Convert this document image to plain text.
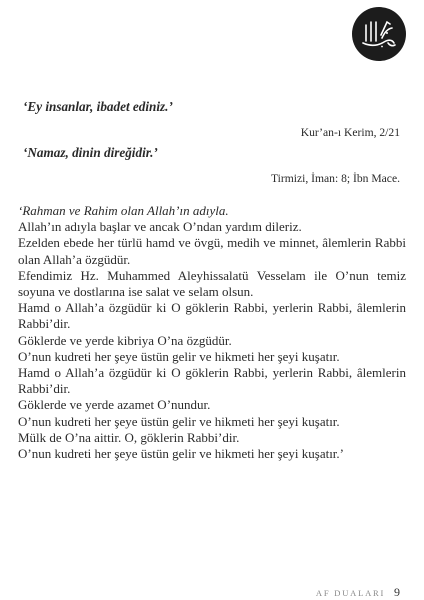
‘Ey insanlar, ibadet ediniz.’
Kur’an-ı Kerim, 2/21
‘Namaz, dinin direğidir.’
Tirmizi, İman: 8; İbn Mace.

‘Rahman ve Rahim olan Allah’ın adıyla.

Allah’ın adıyla başlar ve ancak O’ndan yardım dileriz.

Ezelden ebede her türlü hamd ve övgü, medih ve minnet, âlemlerin Rabbi olan Allah’a özgüdür.

Efendimiz Hz. Muhammed Aleyhissalatü Vesselam ile O’nun temiz soyuna ve dostlarına ise salat ve selam olsun.

Hamd o Allah’a özgüdür ki O göklerin Rabbi, yerlerin Rabbi, âlemlerin Rabbi’dir.

Göklerde ve yerde kibriya O’na özgüdür.

O’nun kudreti her şeye üstün gelir ve hikmeti her şeyi kuşatır.

Hamd o Allah’a özgüdür ki O göklerin Rabbi, yerlerin Rabbi, âlemlerin Rabbi’dir.

Göklerde ve yerde azamet O’nundur.

O’nun kudreti her şeye üstün gelir ve hikmeti her şeyi kuşatır.

Mülk de O’na aittir. O, göklerin Rabbi’dir.

O’nun kudreti her şeye üstün gelir ve hikmeti her şeyi kuşatır.’

AF DUALARI 9
